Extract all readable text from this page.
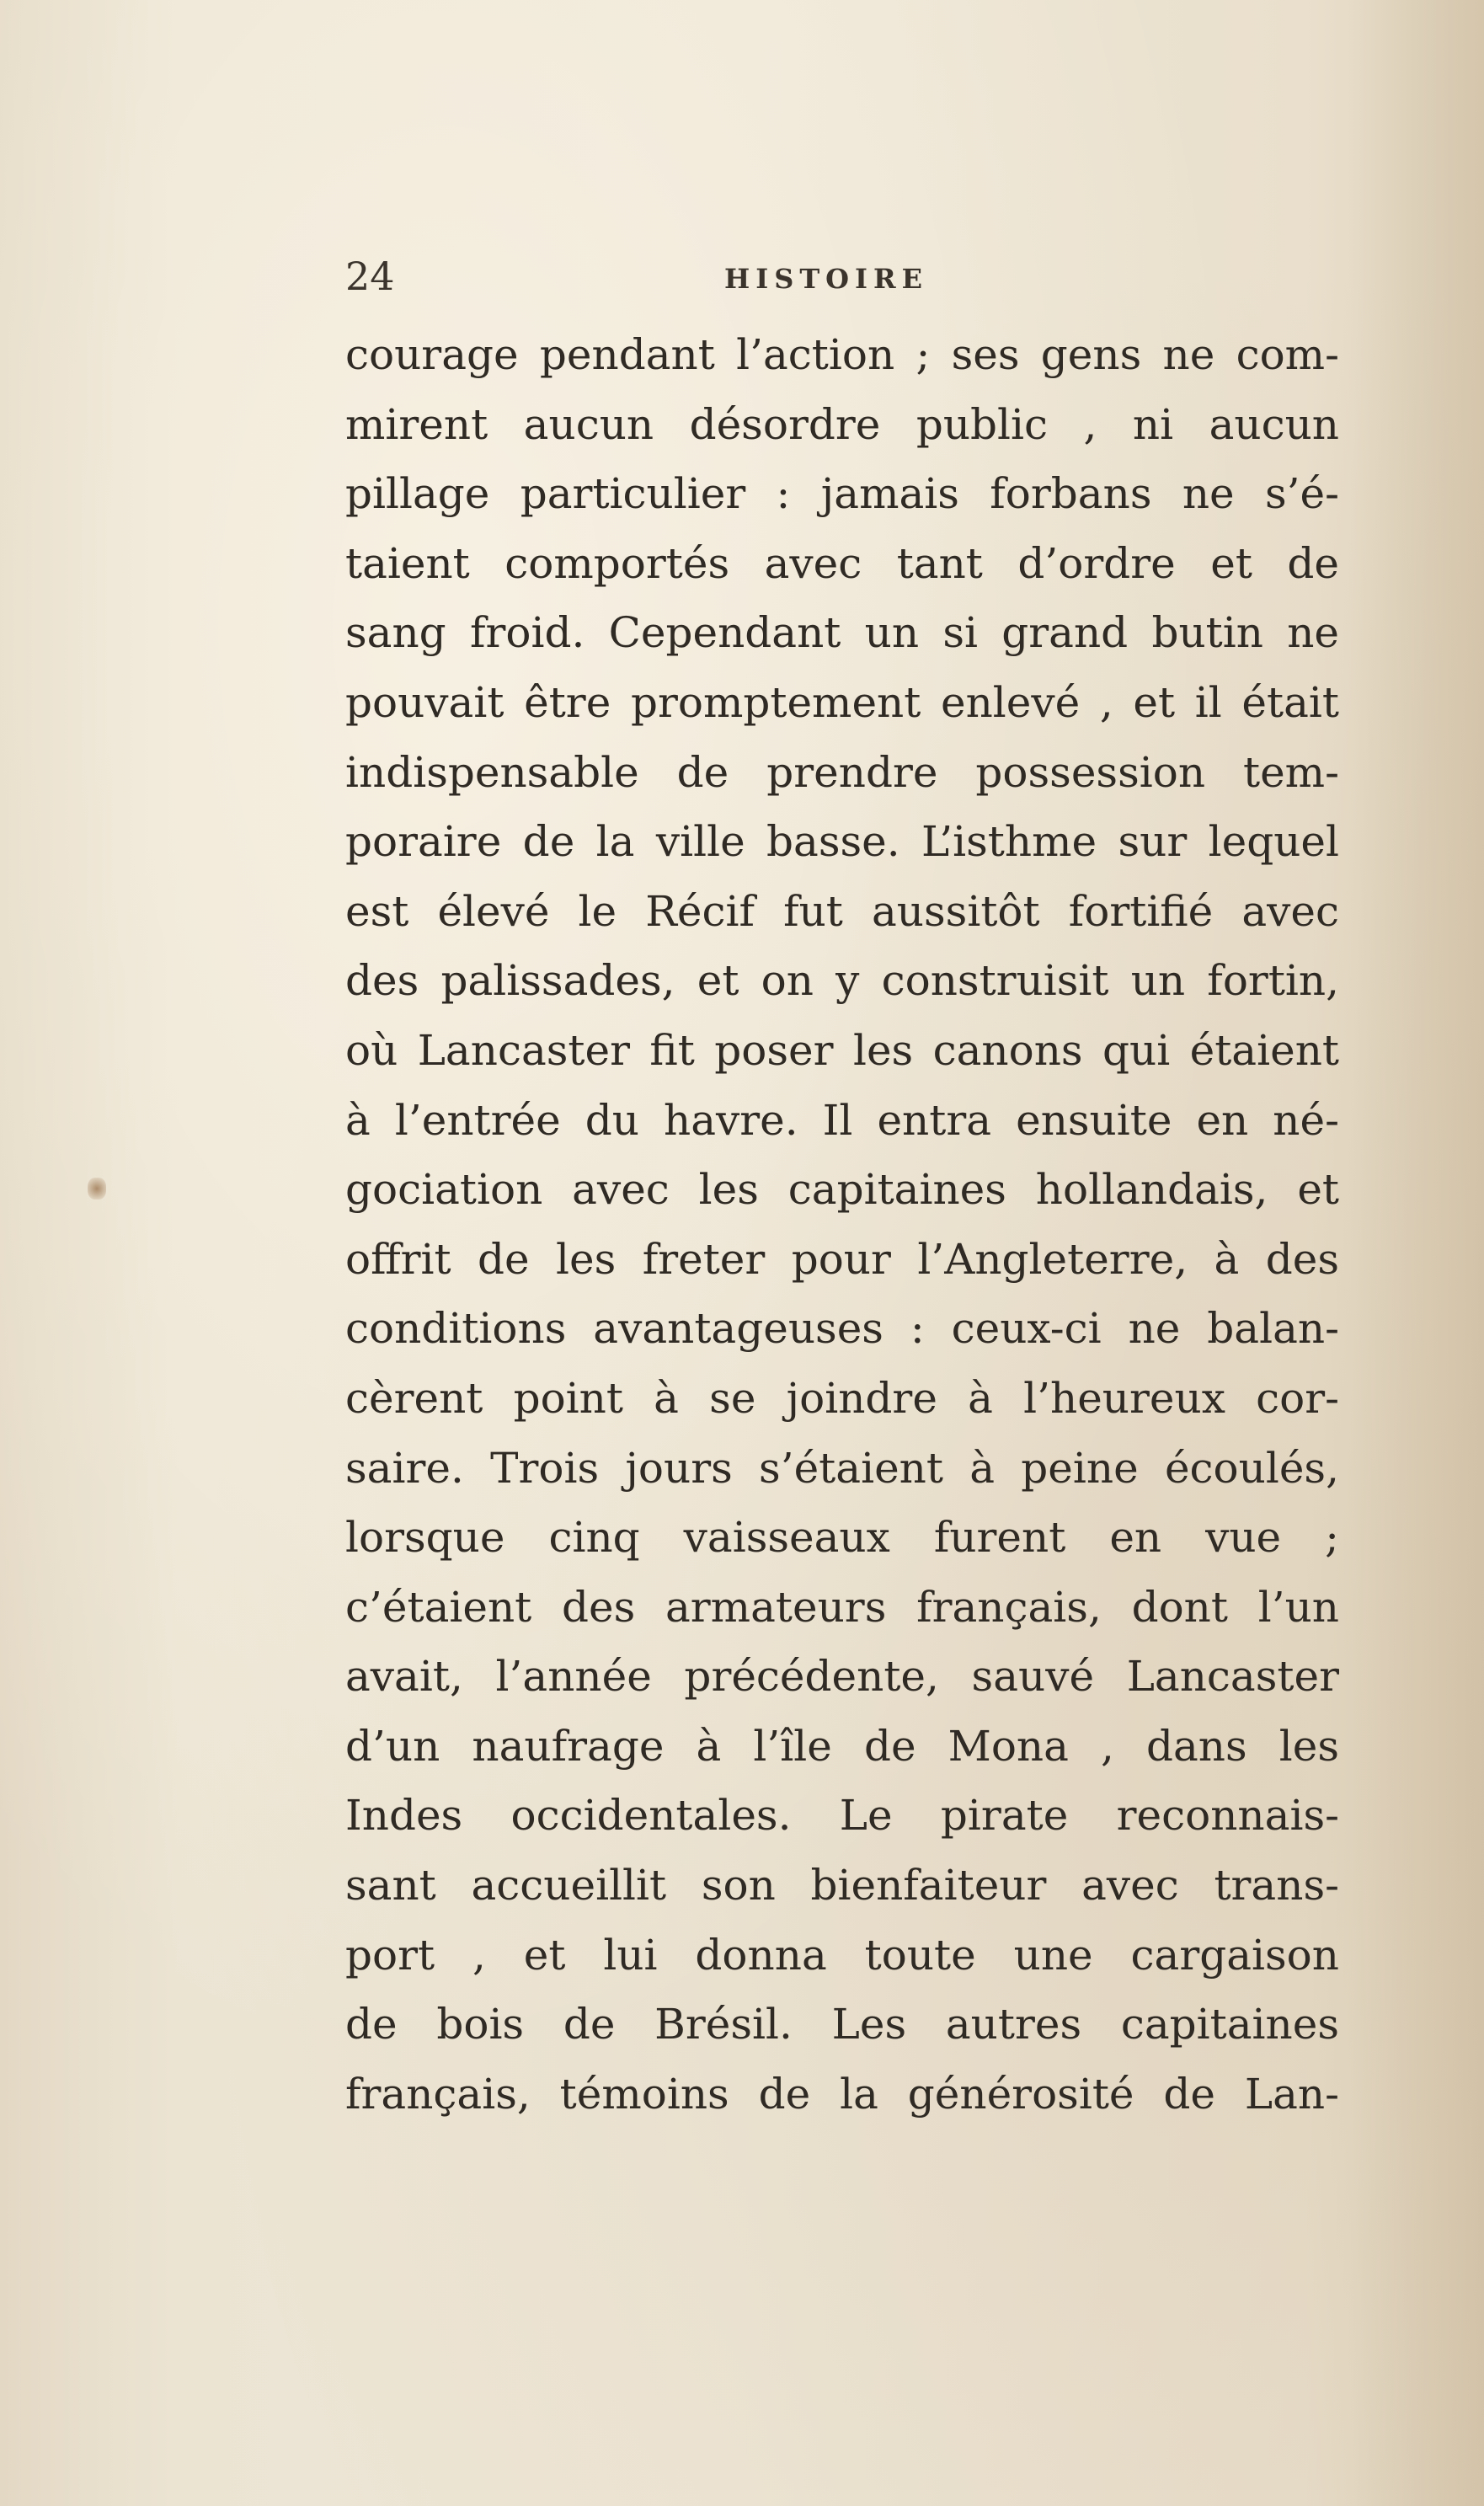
24	HISTOIRE
courage pendant l’action ; ses gens ne com-
mirent aucun désordre public , ni aucun
pillage particulier : jamais forbans ne s’é-
taient comportés avec tant d’ordre et de
sang froid. Cependant un si grand butin ne
pouvait être promptement enlevé , et il était
indispensable de prendre possession tem-
poraire de la ville basse. L’isthme sur lequel
est élevé le Récif fut aussitôt fortifié avec
des palissades, et on y construisit un fortin,
où Lancaster fit poser les canons qui étaient
à l’entrée du havre. Il entra ensuite en né-
gociation avec les capitaines hollandais, et
offrit de les freter pour l’Angleterre, à des
conditions avantageuses : ceux-ci ne balan-
cèrent point à se joindre à l’heureux cor-
saire. Trois jours s’étaient à peine écoulés,
lorsque cinq vaisseaux furent en vue ;
c’étaient des armateurs français, dont l’un
avait, l’année précédente, sauvé Lancaster
d’un naufrage à l’île de Mona , dans les
Indes occidentales. Le pirate reconnais-
sant accueillit son bienfaiteur avec trans-
port , et lui donna toute une cargaison
de bois de Brésil. Les autres capitaines
français, témoins de la générosité de Lan-
